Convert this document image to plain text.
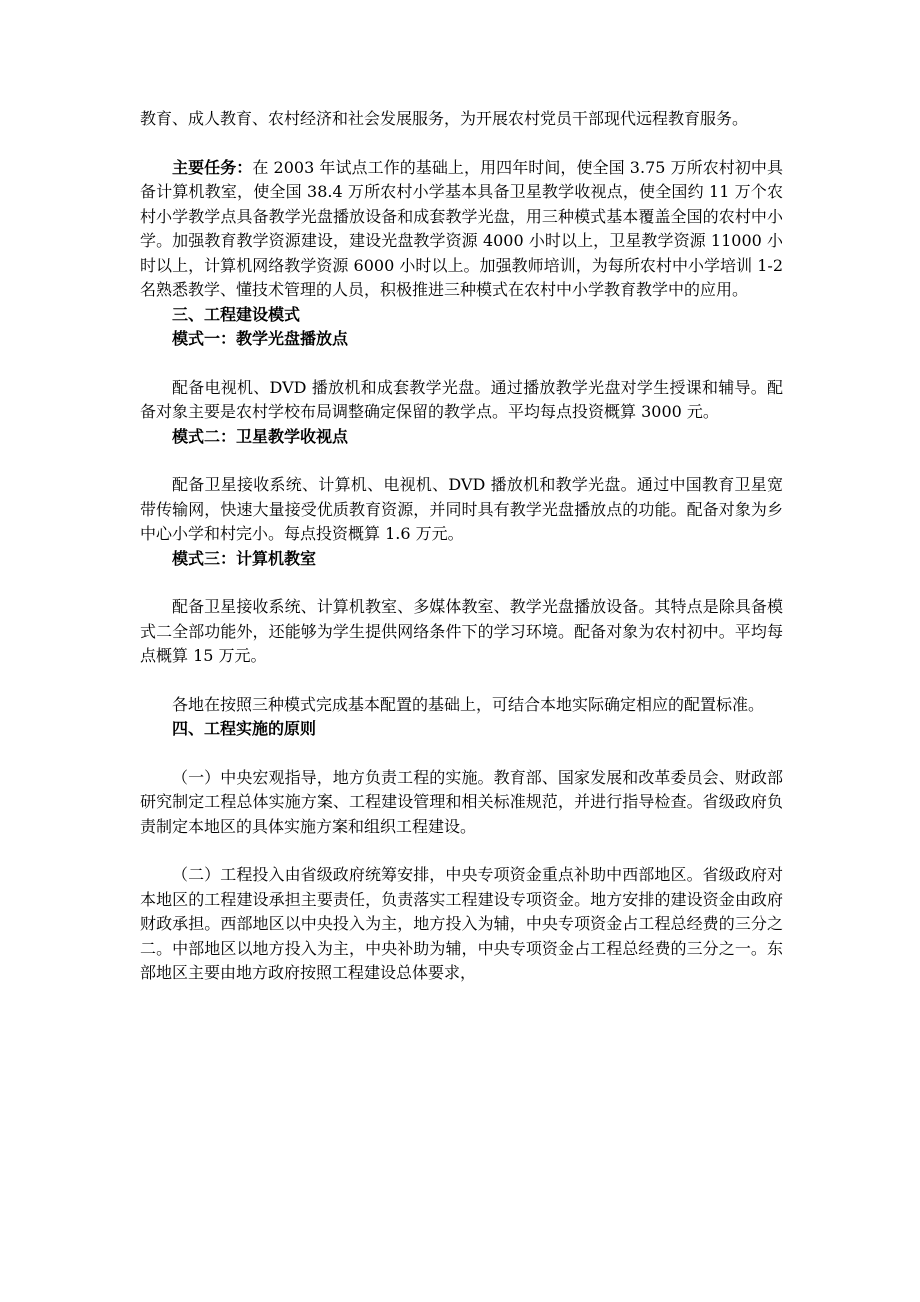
教育、成人教育、农村经济和社会发展服务，为开展农村党员干部现代远程教育服务。

主要任务：在 2003 年试点工作的基础上，用四年时间，使全国 3.75 万所农村初中具备计算机教室，使全国 38.4 万所农村小学基本具备卫星教学收视点，使全国约 11 万个农村小学教学点具备教学光盘播放设备和成套教学光盘，用三种模式基本覆盖全国的农村中小学。加强教育教学资源建设，建设光盘教学资源 4000 小时以上，卫星教学资源 11000 小时以上，计算机网络教学资源 6000 小时以上。加强教师培训，为每所农村中小学培训 1-2 名熟悉教学、懂技术管理的人员，积极推进三种模式在农村中小学教育教学中的应用。

三、工程建设模式

模式一：教学光盘播放点

配备电视机、DVD 播放机和成套教学光盘。通过播放教学光盘对学生授课和辅导。配备对象主要是农村学校布局调整确定保留的教学点。平均每点投资概算 3000 元。

模式二：卫星教学收视点

配备卫星接收系统、计算机、电视机、DVD 播放机和教学光盘。通过中国教育卫星宽带传输网，快速大量接受优质教育资源，并同时具有教学光盘播放点的功能。配备对象为乡中心小学和村完小。每点投资概算 1.6 万元。

模式三：计算机教室

配备卫星接收系统、计算机教室、多媒体教室、教学光盘播放设备。其特点是除具备模式二全部功能外，还能够为学生提供网络条件下的学习环境。配备对象为农村初中。平均每点概算 15 万元。

各地在按照三种模式完成基本配置的基础上，可结合本地实际确定相应的配置标准。

四、工程实施的原则

（一）中央宏观指导，地方负责工程的实施。教育部、国家发展和改革委员会、财政部研究制定工程总体实施方案、工程建设管理和相关标准规范，并进行指导检查。省级政府负责制定本地区的具体实施方案和组织工程建设。

（二）工程投入由省级政府统筹安排，中央专项资金重点补助中西部地区。省级政府对本地区的工程建设承担主要责任，负责落实工程建设专项资金。地方安排的建设资金由政府财政承担。西部地区以中央投入为主，地方投入为辅，中央专项资金占工程总经费的三分之二。中部地区以地方投入为主，中央补助为辅，中央专项资金占工程总经费的三分之一。东部地区主要由地方政府按照工程建设总体要求，
